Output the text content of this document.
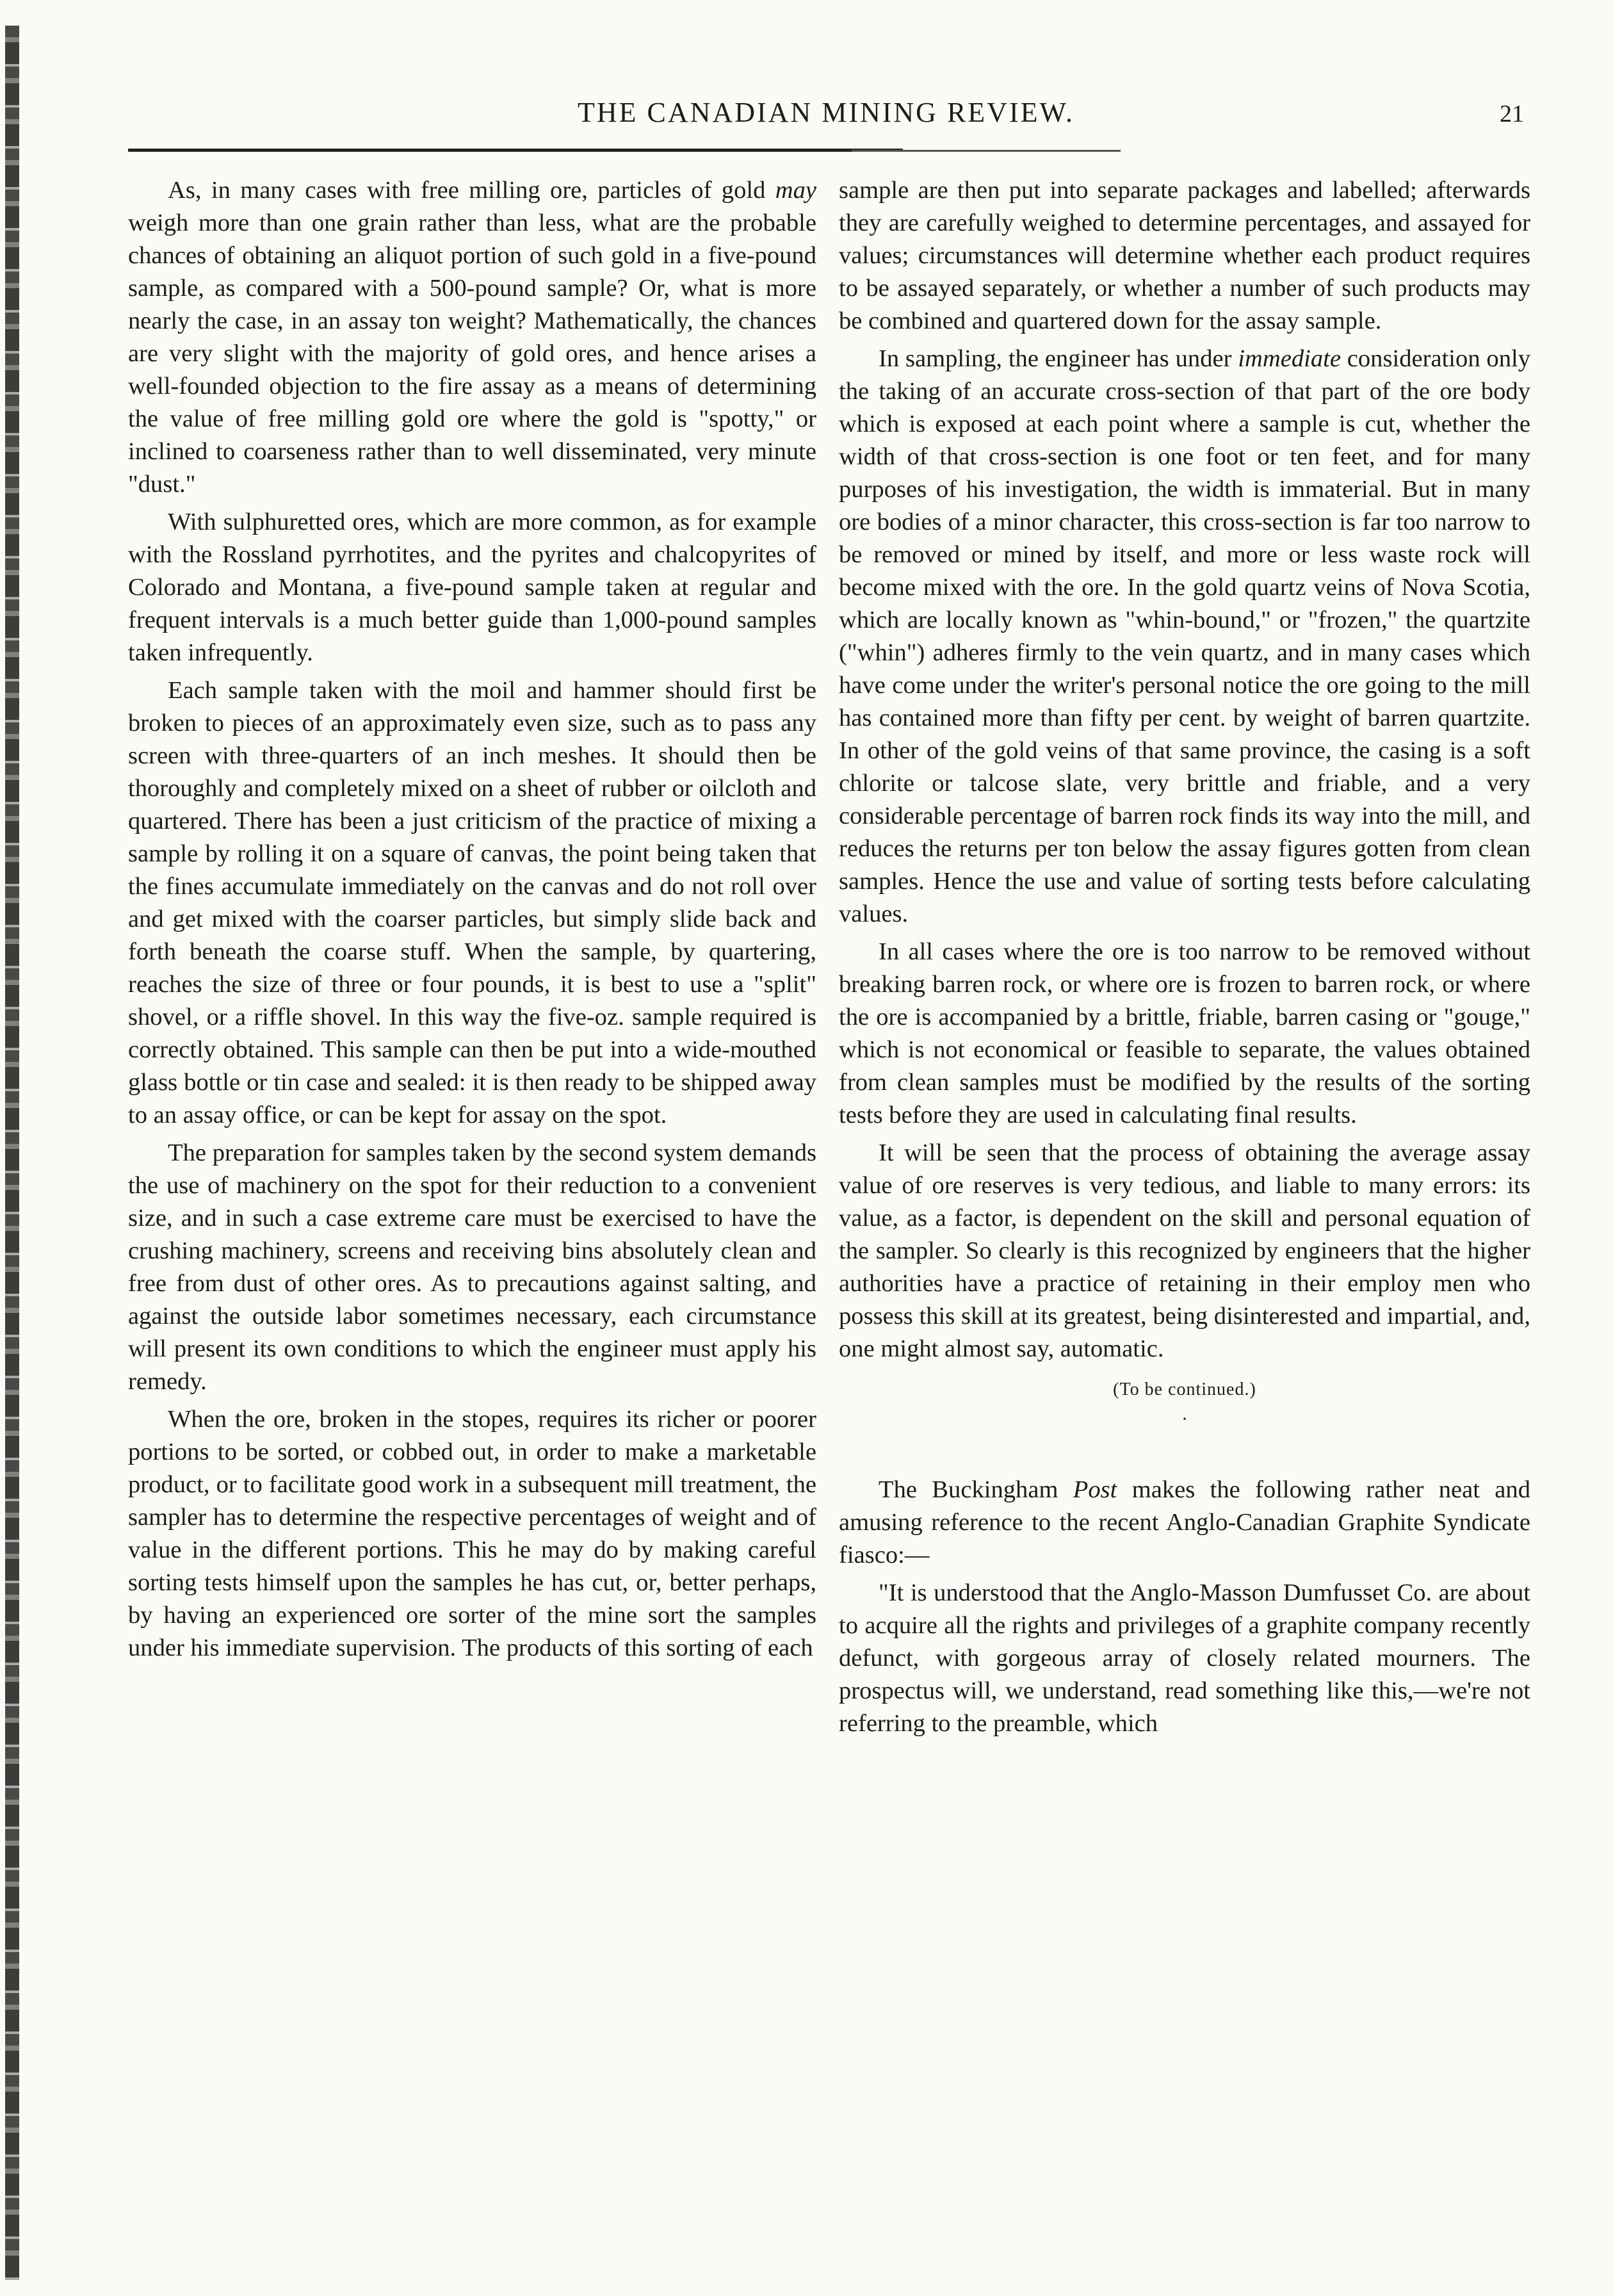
THE CANADIAN MINING REVIEW.	21

As, in many cases with free milling ore, particles of gold may weigh more than one grain rather than less, what are the probable chances of obtaining an aliquot portion of such gold in a five-pound sample, as compared with a 500-pound sample? Or, what is more nearly the case, in an assay ton weight? Mathematically, the chances are very slight with the majority of gold ores, and hence arises a well-founded objection to the fire assay as a means of determining the value of free milling gold ore where the gold is "spotty," or inclined to coarseness rather than to well disseminated, very minute "dust."

With sulphuretted ores, which are more common, as for example with the Rossland pyrrhotites, and the pyrites and chalcopyrites of Colorado and Montana, a five-pound sample taken at regular and frequent intervals is a much better guide than 1,000-pound samples taken infrequently.

Each sample taken with the moil and hammer should first be broken to pieces of an approximately even size, such as to pass any screen with three-quarters of an inch meshes. It should then be thoroughly and completely mixed on a sheet of rubber or oilcloth and quartered. There has been a just criticism of the practice of mixing a sample by rolling it on a square of canvas, the point being taken that the fines accumulate immediately on the canvas and do not roll over and get mixed with the coarser particles, but simply slide back and forth beneath the coarse stuff. When the sample, by quartering, reaches the size of three or four pounds, it is best to use a "split" shovel, or a riffle shovel. In this way the five-oz. sample required is correctly obtained. This sample can then be put into a wide-mouthed glass bottle or tin case and sealed: it is then ready to be shipped away to an assay office, or can be kept for assay on the spot.

The preparation for samples taken by the second system demands the use of machinery on the spot for their reduction to a convenient size, and in such a case extreme care must be exercised to have the crushing machinery, screens and receiving bins absolutely clean and free from dust of other ores. As to precautions against salting, and against the outside labor sometimes necessary, each circumstance will present its own conditions to which the engineer must apply his remedy.

When the ore, broken in the stopes, requires its richer or poorer portions to be sorted, or cobbed out, in order to make a marketable product, or to facilitate good work in a subsequent mill treatment, the sampler has to determine the respective percentages of weight and of value in the different portions. This he may do by making careful sorting tests himself upon the samples he has cut, or, better perhaps, by having an experienced ore sorter of the mine sort the samples under his immediate supervision. The products of this sorting of each

sample are then put into separate packages and labelled; afterwards they are carefully weighed to determine percentages, and assayed for values; circumstances will determine whether each product requires to be assayed separately, or whether a number of such products may be combined and quartered down for the assay sample.

In sampling, the engineer has under immediate consideration only the taking of an accurate cross-section of that part of the ore body which is exposed at each point where a sample is cut, whether the width of that cross-section is one foot or ten feet, and for many purposes of his investigation, the width is immaterial. But in many ore bodies of a minor character, this cross-section is far too narrow to be removed or mined by itself, and more or less waste rock will become mixed with the ore. In the gold quartz veins of Nova Scotia, which are locally known as "whin-bound," or "frozen," the quartzite ("whin") adheres firmly to the vein quartz, and in many cases which have come under the writer's personal notice the ore going to the mill has contained more than fifty per cent. by weight of barren quartzite. In other of the gold veins of that same province, the casing is a soft chlorite or talcose slate, very brittle and friable, and a very considerable percentage of barren rock finds its way into the mill, and reduces the returns per ton below the assay figures gotten from clean samples. Hence the use and value of sorting tests before calculating values.

In all cases where the ore is too narrow to be removed without breaking barren rock, or where ore is frozen to barren rock, or where the ore is accompanied by a brittle, friable, barren casing or "gouge," which is not economical or feasible to separate, the values obtained from clean samples must be modified by the results of the sorting tests before they are used in calculating final results.

It will be seen that the process of obtaining the average assay value of ore reserves is very tedious, and liable to many errors: its value, as a factor, is dependent on the skill and personal equation of the sampler. So clearly is this recognized by engineers that the higher authorities have a practice of retaining in their employ men who possess this skill at its greatest, being disinterested and impartial, and, one might almost say, automatic.

(To be continued.)
·

The Buckingham Post makes the following rather neat and amusing reference to the recent Anglo-Canadian Graphite Syndicate fiasco:—

"It is understood that the Anglo-Masson Dumfusset Co. are about to acquire all the rights and privileges of a graphite company recently defunct, with gorgeous array of closely related mourners. The prospectus will, we understand, read something like this,—we're not referring to the preamble, which
